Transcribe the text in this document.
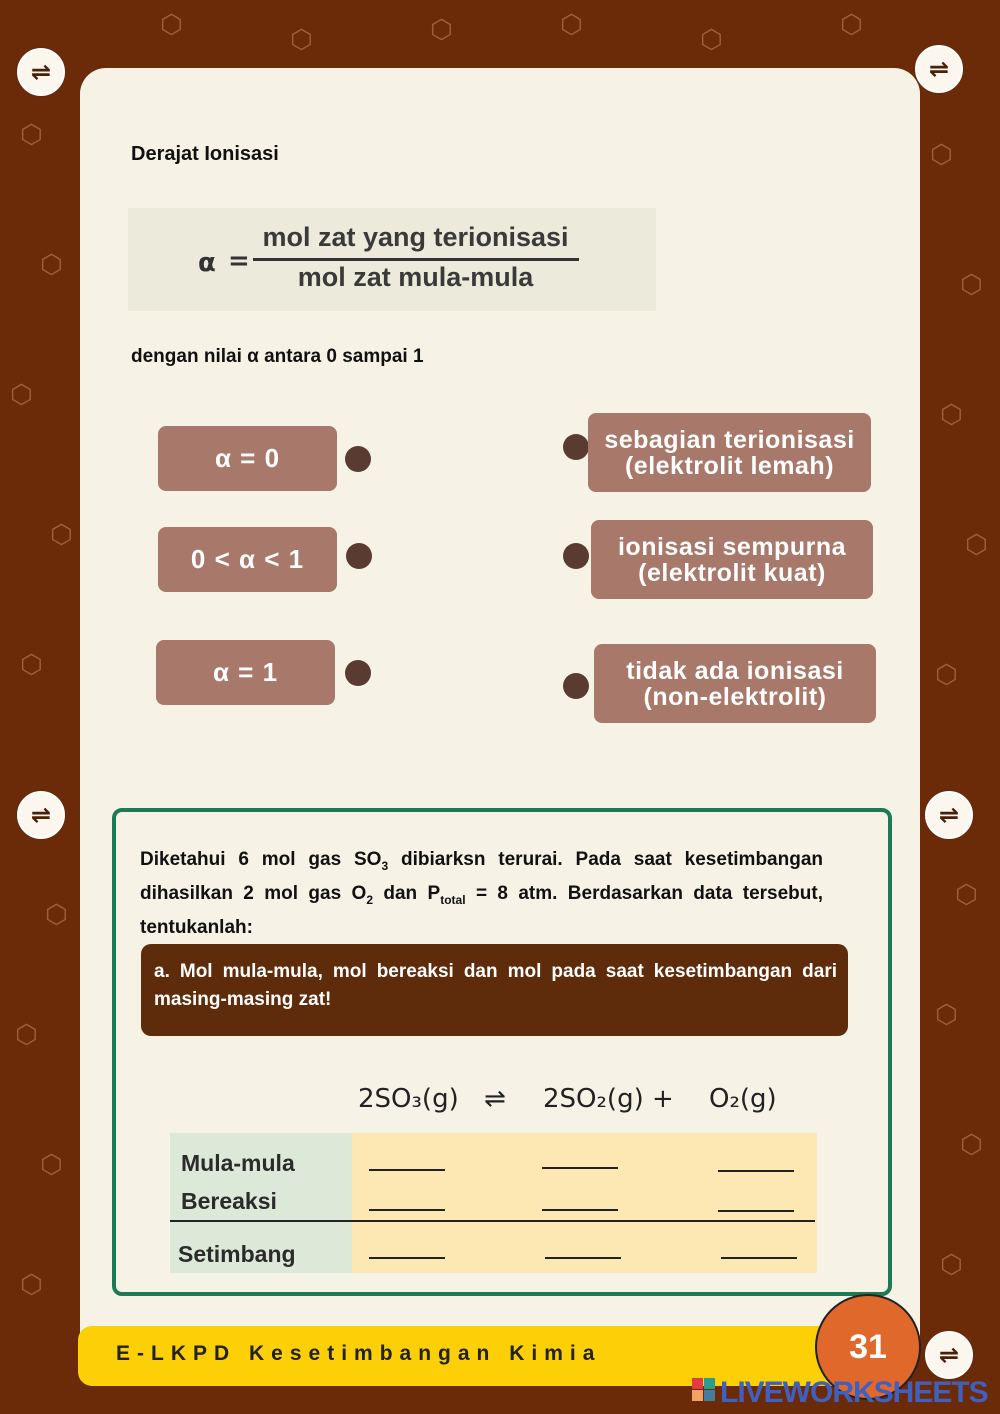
⬡
⬡
⬡
⬡
⬡
⬡
⬡
⬡
⬡
⬡
⬡
⬡
⬡
⬡
⬡
⬡
⬡
⬡
⬡	⬡	⬡	⬡	⬡	⬡
⇌	⇌
⇌	⇌
⇌
Derajat Ionisasi
α =
mol zat yang terionisasi
mol zat mula-mula
dengan nilai α antara 0 sampai 1
α = 0
0 < α < 1
α = 1
sebagian terionisasi
(elektrolit lemah)
ionisasi sempurna
(elektrolit kuat)
tidak ada ionisasi
(non-elektrolit)
Diketahui 6 mol gas $SO_3$ dibiarksn terurai. Pada saat kesetimbangan dihasilkan 2 mol gas $O_2$ dan $P_{total} = 8$ atm. Berdasarkan data tersebut, tentukanlah:
a. Mol mula-mula, mol bereaksi dan mol pada saat kesetimbangan dari masing-masing zat!
2SO₃(g) ⇌ 2SO₂(g) + O₂(g)
Mula-mula
Bereaksi
Setimbang
E-LKPD Kesetimbangan Kimia	31
LIVEWORKSHEETS
